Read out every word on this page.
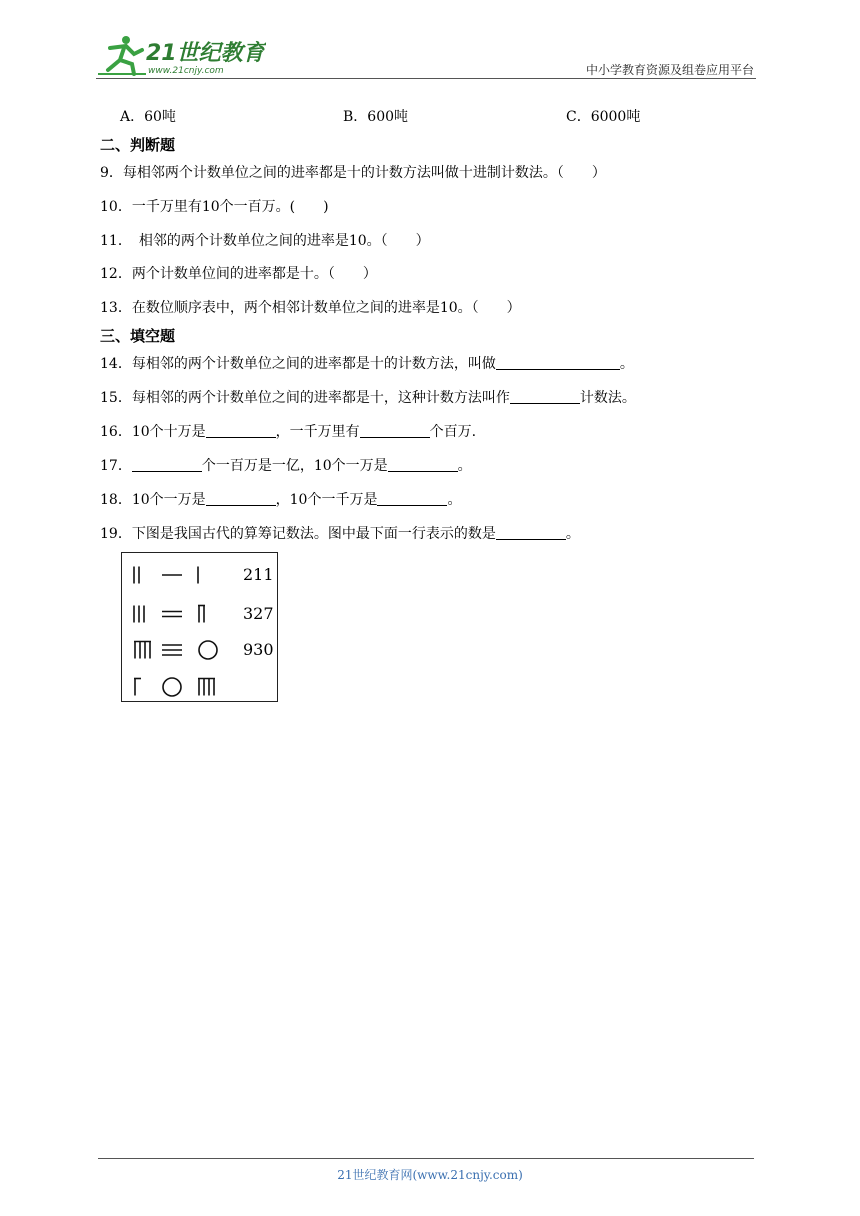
21世纪教育
www.21cnjy.com	中小学教育资源及组卷应用平台
A．60吨	B．600吨	C．6000吨
二、判断题
9．每相邻两个计数单位之间的进率都是十的计数方法叫做十进制计数法。（　　）
10．一千万里有10个一百万。(　　)
11．　相邻的两个计数单位之间的进率是10。（　　）
12．两个计数单位间的进率都是十。（　　）
13．在数位顺序表中，两个相邻计数单位之间的进率是10。（　　）
三、填空题
14．每相邻的两个计数单位之间的进率都是十的计数方法，叫做	。
15．每相邻的两个计数单位之间的进率都是十，这种计数方法叫作	计数法。
16．10个十万是	，一千万里有	个百万.
17．	个一百万是一亿，10个一万是	。
18．10个一万是	，10个一千万是	。
19．下图是我国古代的算筹记数法。图中最下面一行表示的数是	。
211
327
930
21世纪教育网(www.21cnjy.com)
